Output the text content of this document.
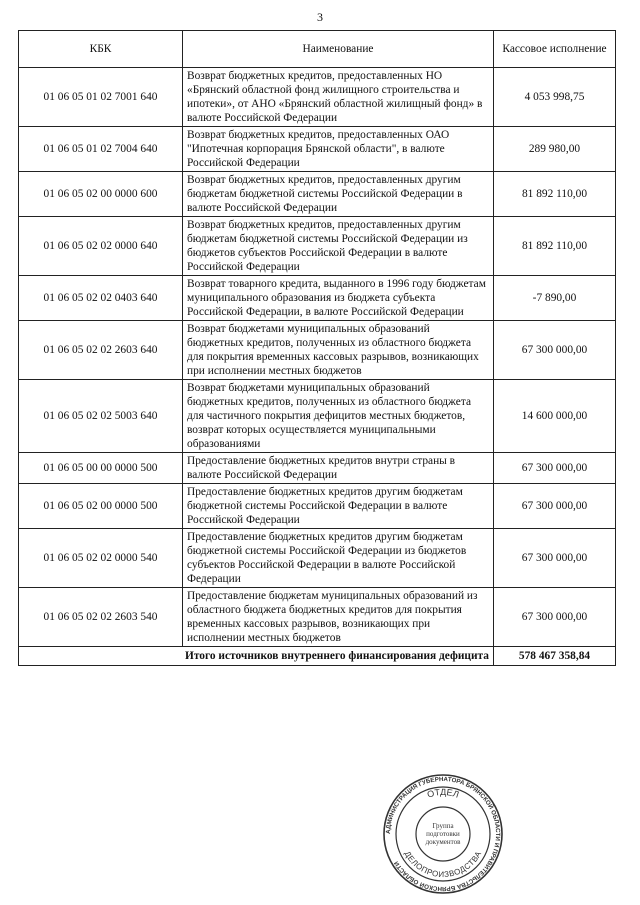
3
КБК	Наименование	Кассовое исполнение
01 06 05 01 02 7001 640	Возврат бюджетных кредитов, предоставленных НО «Брянский областной фонд жилищного строительства и ипотеки», от АНО «Брянский областной жилищный фонд» в валюте Российской Федерации	4 053 998,75
01 06 05 01 02 7004 640	Возврат бюджетных кредитов, предоставленных ОАО "Ипотечная корпорация Брянской области", в валюте Российской Федерации	289 980,00
01 06 05 02 00 0000 600	Возврат бюджетных кредитов, предоставленных другим бюджетам бюджетной системы Российской Федерации в валюте Российской Федерации	81 892 110,00
01 06 05 02 02 0000 640	Возврат бюджетных кредитов, предоставленных другим бюджетам бюджетной системы Российской Федерации из бюджетов субъектов Российской Федерации в валюте Российской Федерации	81 892 110,00
01 06 05 02 02 0403 640	Возврат товарного кредита, выданного в 1996 году бюджетам муниципального образования из бюджета субъекта Российской Федерации, в валюте Российской Федерации	-7 890,00
01 06 05 02 02 2603 640	Возврат бюджетами муниципальных образований бюджетных кредитов, полученных из областного бюджета для покрытия временных кассовых разрывов, возникающих при исполнении местных бюджетов	67 300 000,00
01 06 05 02 02 5003 640	Возврат бюджетами муниципальных образований бюджетных кредитов, полученных из областного бюджета для частичного покрытия дефицитов местных бюджетов, возврат которых осуществляется муниципальными образованиями	14 600 000,00
01 06 05 00 00 0000 500	Предоставление бюджетных кредитов внутри страны в валюте Российской Федерации	67 300 000,00
01 06 05 02 00 0000 500	Предоставление бюджетных кредитов другим бюджетам бюджетной системы Российской Федерации в валюте Российской Федерации	67 300 000,00
01 06 05 02 02 0000 540	Предоставление бюджетных кредитов другим бюджетам бюджетной системы Российской Федерации из бюджетов субъектов Российской Федерации в валюте Российской Федерации	67 300 000,00
01 06 05 02 02 2603 540	Предоставление бюджетам муниципальных образований из областного бюджета бюджетных кредитов для покрытия временных кассовых разрывов, возникающих при исполнении местных бюджетов	67 300 000,00
Итого источников внутреннего финансирования дефицита		578 467 358,84
АДМИНИСТРАЦИЯ ГУБЕРНАТОРА БРЯНСКОЙ ОБЛАСТИ И ПРАВИТЕЛЬСТВА БРЯНСКОЙ ОБЛАСТИ
ОТДЕЛ
ДЕЛОПРОИЗВОДСТВА
Группа
подготовки
документов
